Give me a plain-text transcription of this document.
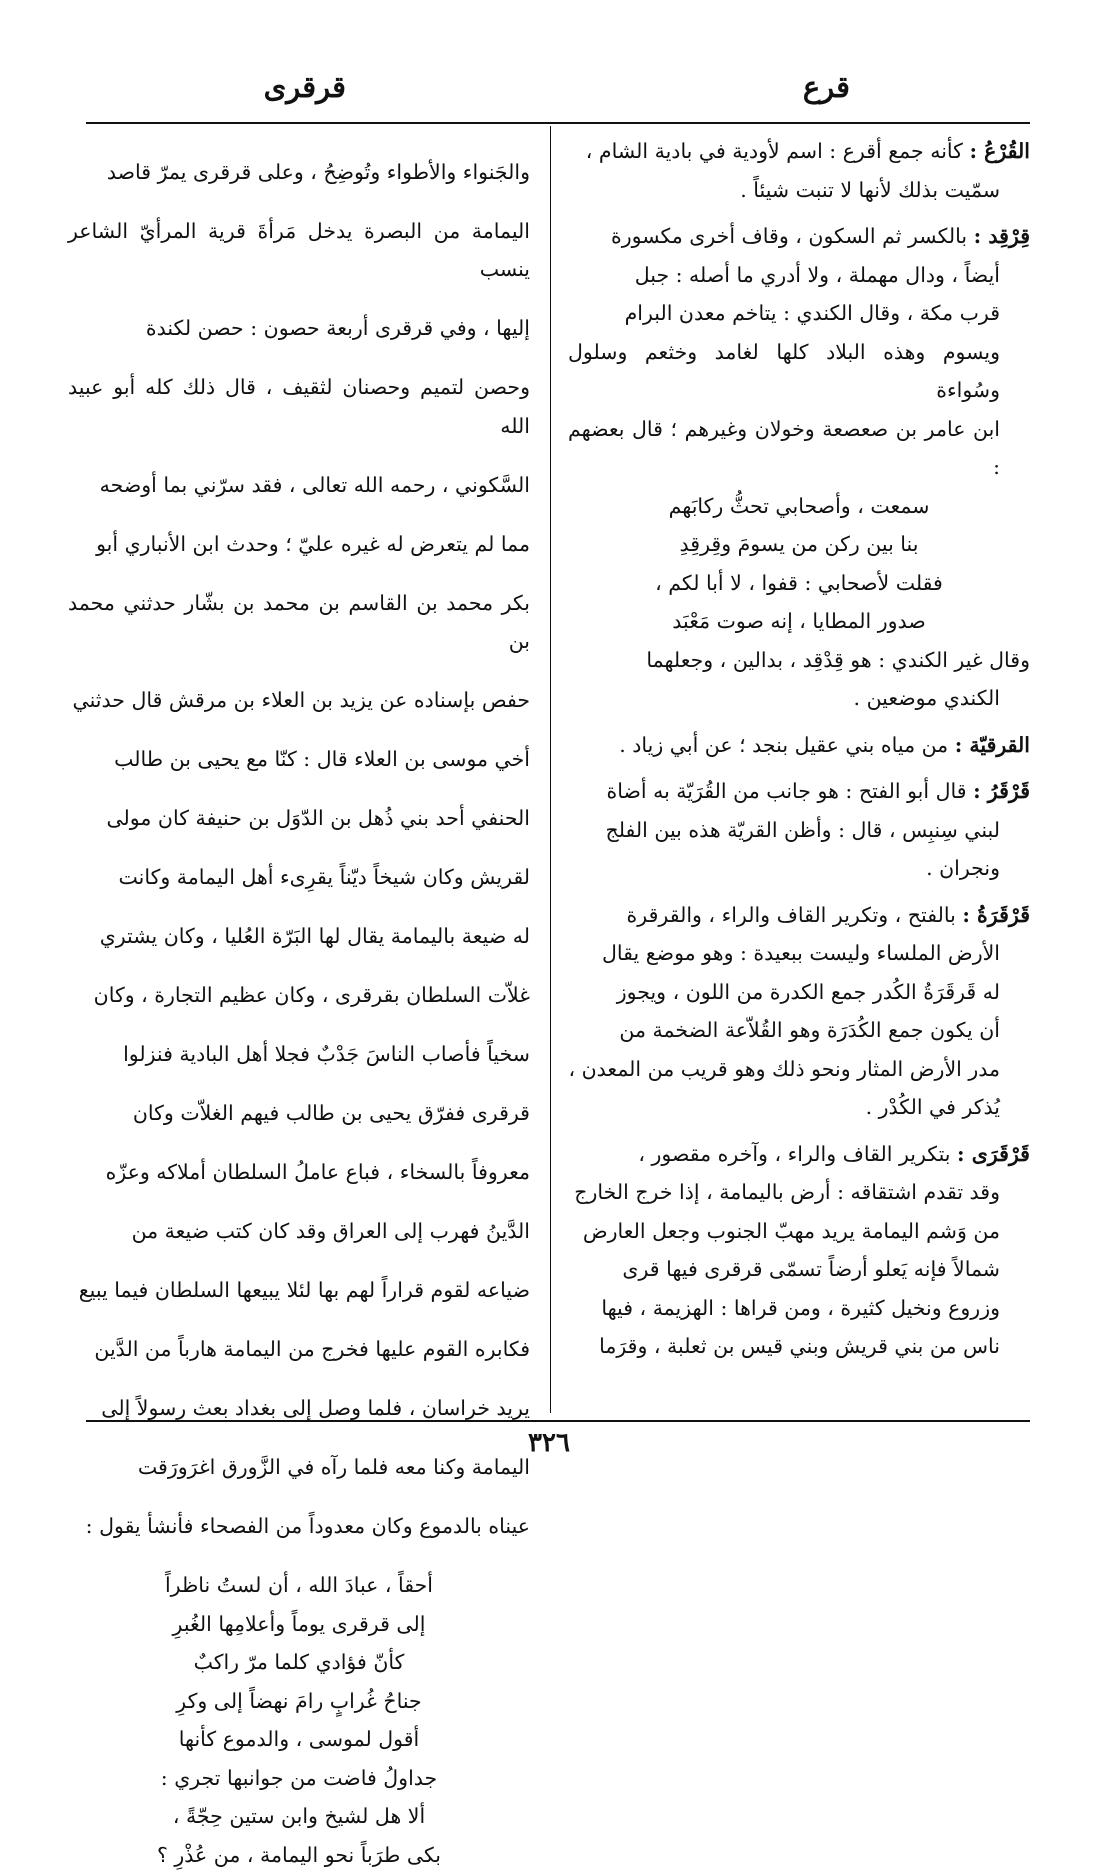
قرع
قرقرى

القُرْعُ : كأنه جمع أقرع : اسم لأودية في بادية الشام ،

سمّيت بذلك لأنها لا تنبت شيئاً .

قِرْقِد : بالكسر ثم السكون ، وقاف أخرى مكسورة

أيضاً ، ودال مهملة ، ولا أدري ما أصله : جبل

قرب مكة ، وقال الكندي : يتاخم معدن البرام

ويسوم وهذه البلاد كلها لغامد وخثعم وسلول وسُواءة

ابن عامر بن صعصعة وخولان وغيرهم ؛ قال بعضهم :

سمعت ، وأصحابي تحثُّ ركابَهم

بنا بين ركن من يسومَ وقِرقِدِ

فقلت لأصحابي : قفوا ، لا أبا لكم ،

صدور المطايا ، إنه صوت مَعْبَد

وقال غير الكندي : هو قِدْقِد ، بدالين ، وجعلهما

الكندي موضعين .

القرقيّة : من مياه بني عقيل بنجد ؛ عن أبي زياد .

قَرْقَرُ : قال أبو الفتح : هو جانب من القُرَيّة به أضاة

لبني سِنبِس ، قال : وأظن القريّة هذه بين الفلج

ونجران .

قَرْقَرَةُ : بالفتح ، وتكرير القاف والراء ، والقرقرة

الأرض الملساء وليست ببعيدة : وهو موضع يقال

له قَرقَرَةُ الكُدر جمع الكدرة من اللون ، ويجوز

أن يكون جمع الكُدَرَة وهو القُلاّعة الضخمة من

مدر الأرض المثار ونحو ذلك وهو قريب من المعدن ،

يُذكر في الكُدْر .

قَرْقَرَى : بتكرير القاف والراء ، وآخره مقصور ،

وقد تقدم اشتقاقه : أرض باليمامة ، إذا خرج الخارج

من وَشم اليمامة يريد مهبّ الجنوب وجعل العارض

شمالاً فإنه يَعلو أرضاً تسمّى قرقرى فيها قرى

وزروع ونخيل كثيرة ، ومن قراها : الهزيمة ، فيها

ناس من بني قريش وبني قيس بن ثعلبة ، وقرَما

والجَنواء والأطواء وتُوضِحُ ، وعلى قرقرى يمرّ قاصد

اليمامة من البصرة يدخل مَرأةَ قرية المرأيّ الشاعر ينسب

إليها ، وفي قرقرى أربعة حصون : حصن لكندة

وحصن لتميم وحصنان لثقيف ، قال ذلك كله أبو عبيد الله

السَّكوني ، رحمه الله تعالى ، فقد سرّني بما أوضحه

مما لم يتعرض له غيره عليّ ؛ وحدث ابن الأنباري أبو

بكر محمد بن القاسم بن محمد بن بشّار حدثني محمد بن

حفص بإسناده عن يزيد بن العلاء بن مرقش قال حدثني

أخي موسى بن العلاء قال : كنّا مع يحيى بن طالب

الحنفي أحد بني ذُهل بن الدّوَل بن حنيفة كان مولى

لقريش وكان شيخاً ديّناً يقرِىء أهل اليمامة وكانت

له ضيعة باليمامة يقال لها البَرّة العُليا ، وكان يشتري

غلاّت السلطان بقرقرى ، وكان عظيم التجارة ، وكان

سخياً فأصاب الناسَ جَدْبٌ فجلا أهل البادية فنزلوا

قرقرى ففرّق يحيى بن طالب فيهم الغلاّت وكان

معروفاً بالسخاء ، فباع عاملُ السلطان أملاكه وعزّه

الدَّينُ فهرب إلى العراق وقد كان كتب ضيعة من

ضياعه لقوم قراراً لهم بها لئلا يبيعها السلطان فيما يبيع

فكابره القوم عليها فخرج من اليمامة هارباً من الدَّين

يريد خراسان ، فلما وصل إلى بغداد بعث رسولاً إلى

اليمامة وكنا معه فلما رآه في الزَّورق اغرَورَقت

عيناه بالدموع وكان معدوداً من الفصحاء فأنشأ يقول :

أحقاً ، عبادَ الله ، أن لستُ ناظراً

إلى قرقرى يوماً وأعلامِها الغُبرِ

كأنّ فؤادي كلما مرّ راكبٌ

جناحُ غُرابٍ رامَ نهضاً إلى وكرِ

أقول لموسى ، والدموع كأنها

جداولُ فاضت من جوانبها تجري :

ألا هل لشيخ وابن ستين حِجّةً ،

بكى طرَباً نحو اليمامة ، من عُذْرِ ؟

٣٢٦
